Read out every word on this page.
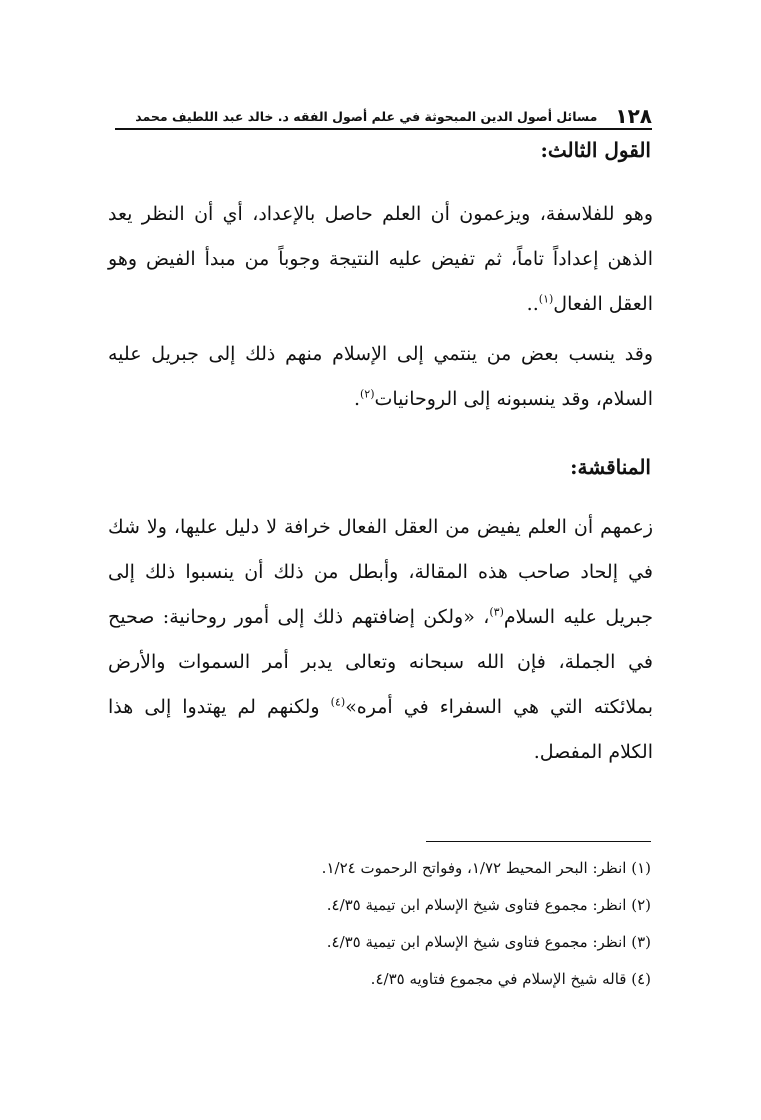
١٢٨
مسائل أصول الدين المبحوثة في علم أصول الفقه د. خالد عبد اللطيف محمد
القول الثالث:

وهو للفلاسفة، ويزعمون أن العلم حاصل بالإعداد، أي أن النظر يعد الذهن إعداداً تاماً، ثم تفيض عليه النتيجة وجوباً من مبدأ الفيض وهو العقل الفعال$^{(١)}$..

وقد ينسب بعض من ينتمي إلى الإسلام منهم ذلك إلى جبريل عليه السلام، وقد ينسبونه إلى الروحانيات$^{(٢)}$.

المناقشة:

زعمهم أن العلم يفيض من العقل الفعال خرافة لا دليل عليها، ولا شك في إلحاد صاحب هذه المقالة، وأبطل من ذلك أن ينسبوا ذلك إلى جبريل عليه السلام$^{(٣)}$، «ولكن إضافتهم ذلك إلى أمور روحانية: صحيح في الجملة، فإن الله سبحانه وتعالى يدبر أمر السموات والأرض بملائكته التي هي السفراء في أمره»$^{(٤)}$ ولكنهم لم يهتدوا إلى هذا الكلام المفصل.

(١) انظر: البحر المحيط ١/٧٢، وفواتح الرحموت ١/٢٤.
(٢) انظر: مجموع فتاوى شيخ الإسلام ابن تيمية ٤/٣٥.
(٣) انظر: مجموع فتاوى شيخ الإسلام ابن تيمية ٤/٣٥.
(٤) قاله شيخ الإسلام في مجموع فتاويه ٤/٣٥.
